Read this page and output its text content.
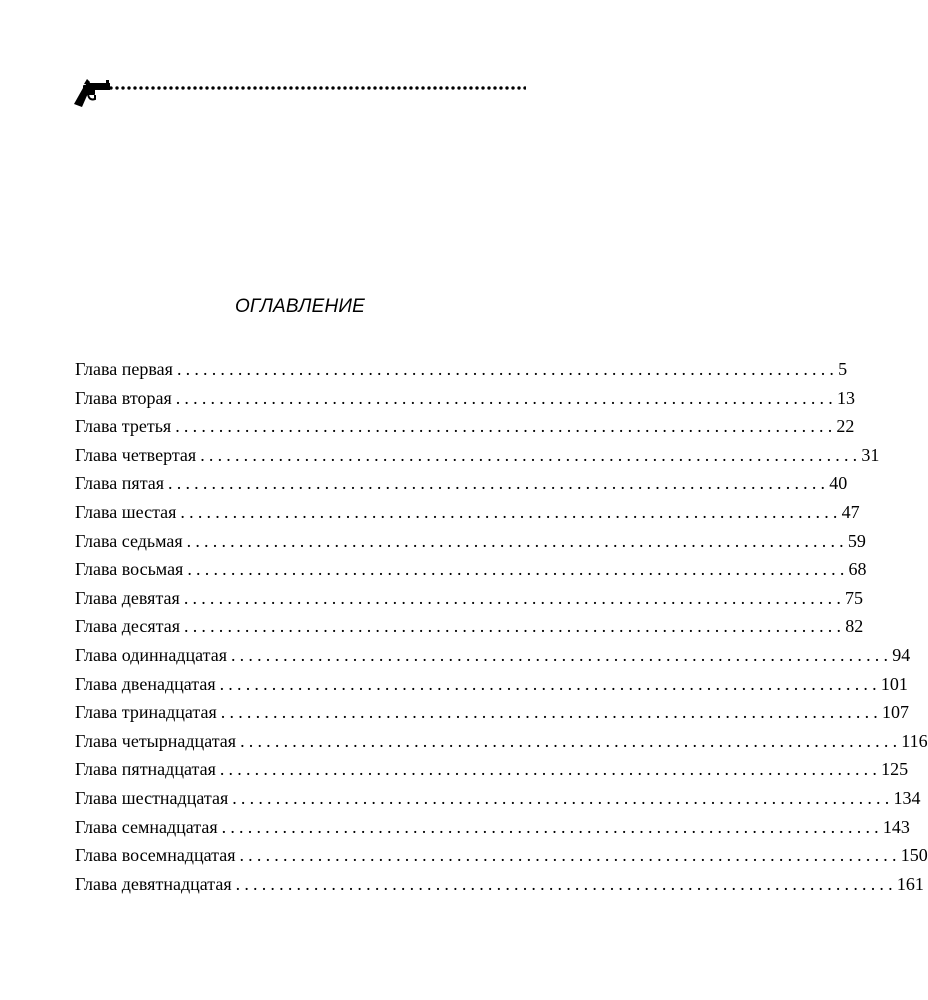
ОГЛАВЛЕНИЕ
Глава первая ............................................................................ 5
Глава вторая ............................................................................ 13
Глава третья ............................................................................ 22
Глава четвертая ............................................................................ 31
Глава пятая ............................................................................ 40
Глава шестая ............................................................................ 47
Глава седьмая ............................................................................ 59
Глава восьмая ............................................................................ 68
Глава девятая ............................................................................ 75
Глава десятая ............................................................................ 82
Глава одиннадцатая ............................................................................ 94
Глава двенадцатая ............................................................................ 101
Глава тринадцатая ............................................................................ 107
Глава четырнадцатая ............................................................................ 116
Глава пятнадцатая ............................................................................ 125
Глава шестнадцатая ............................................................................ 134
Глава семнадцатая ............................................................................ 143
Глава восемнадцатая ............................................................................ 150
Глава девятнадцатая ............................................................................ 161
